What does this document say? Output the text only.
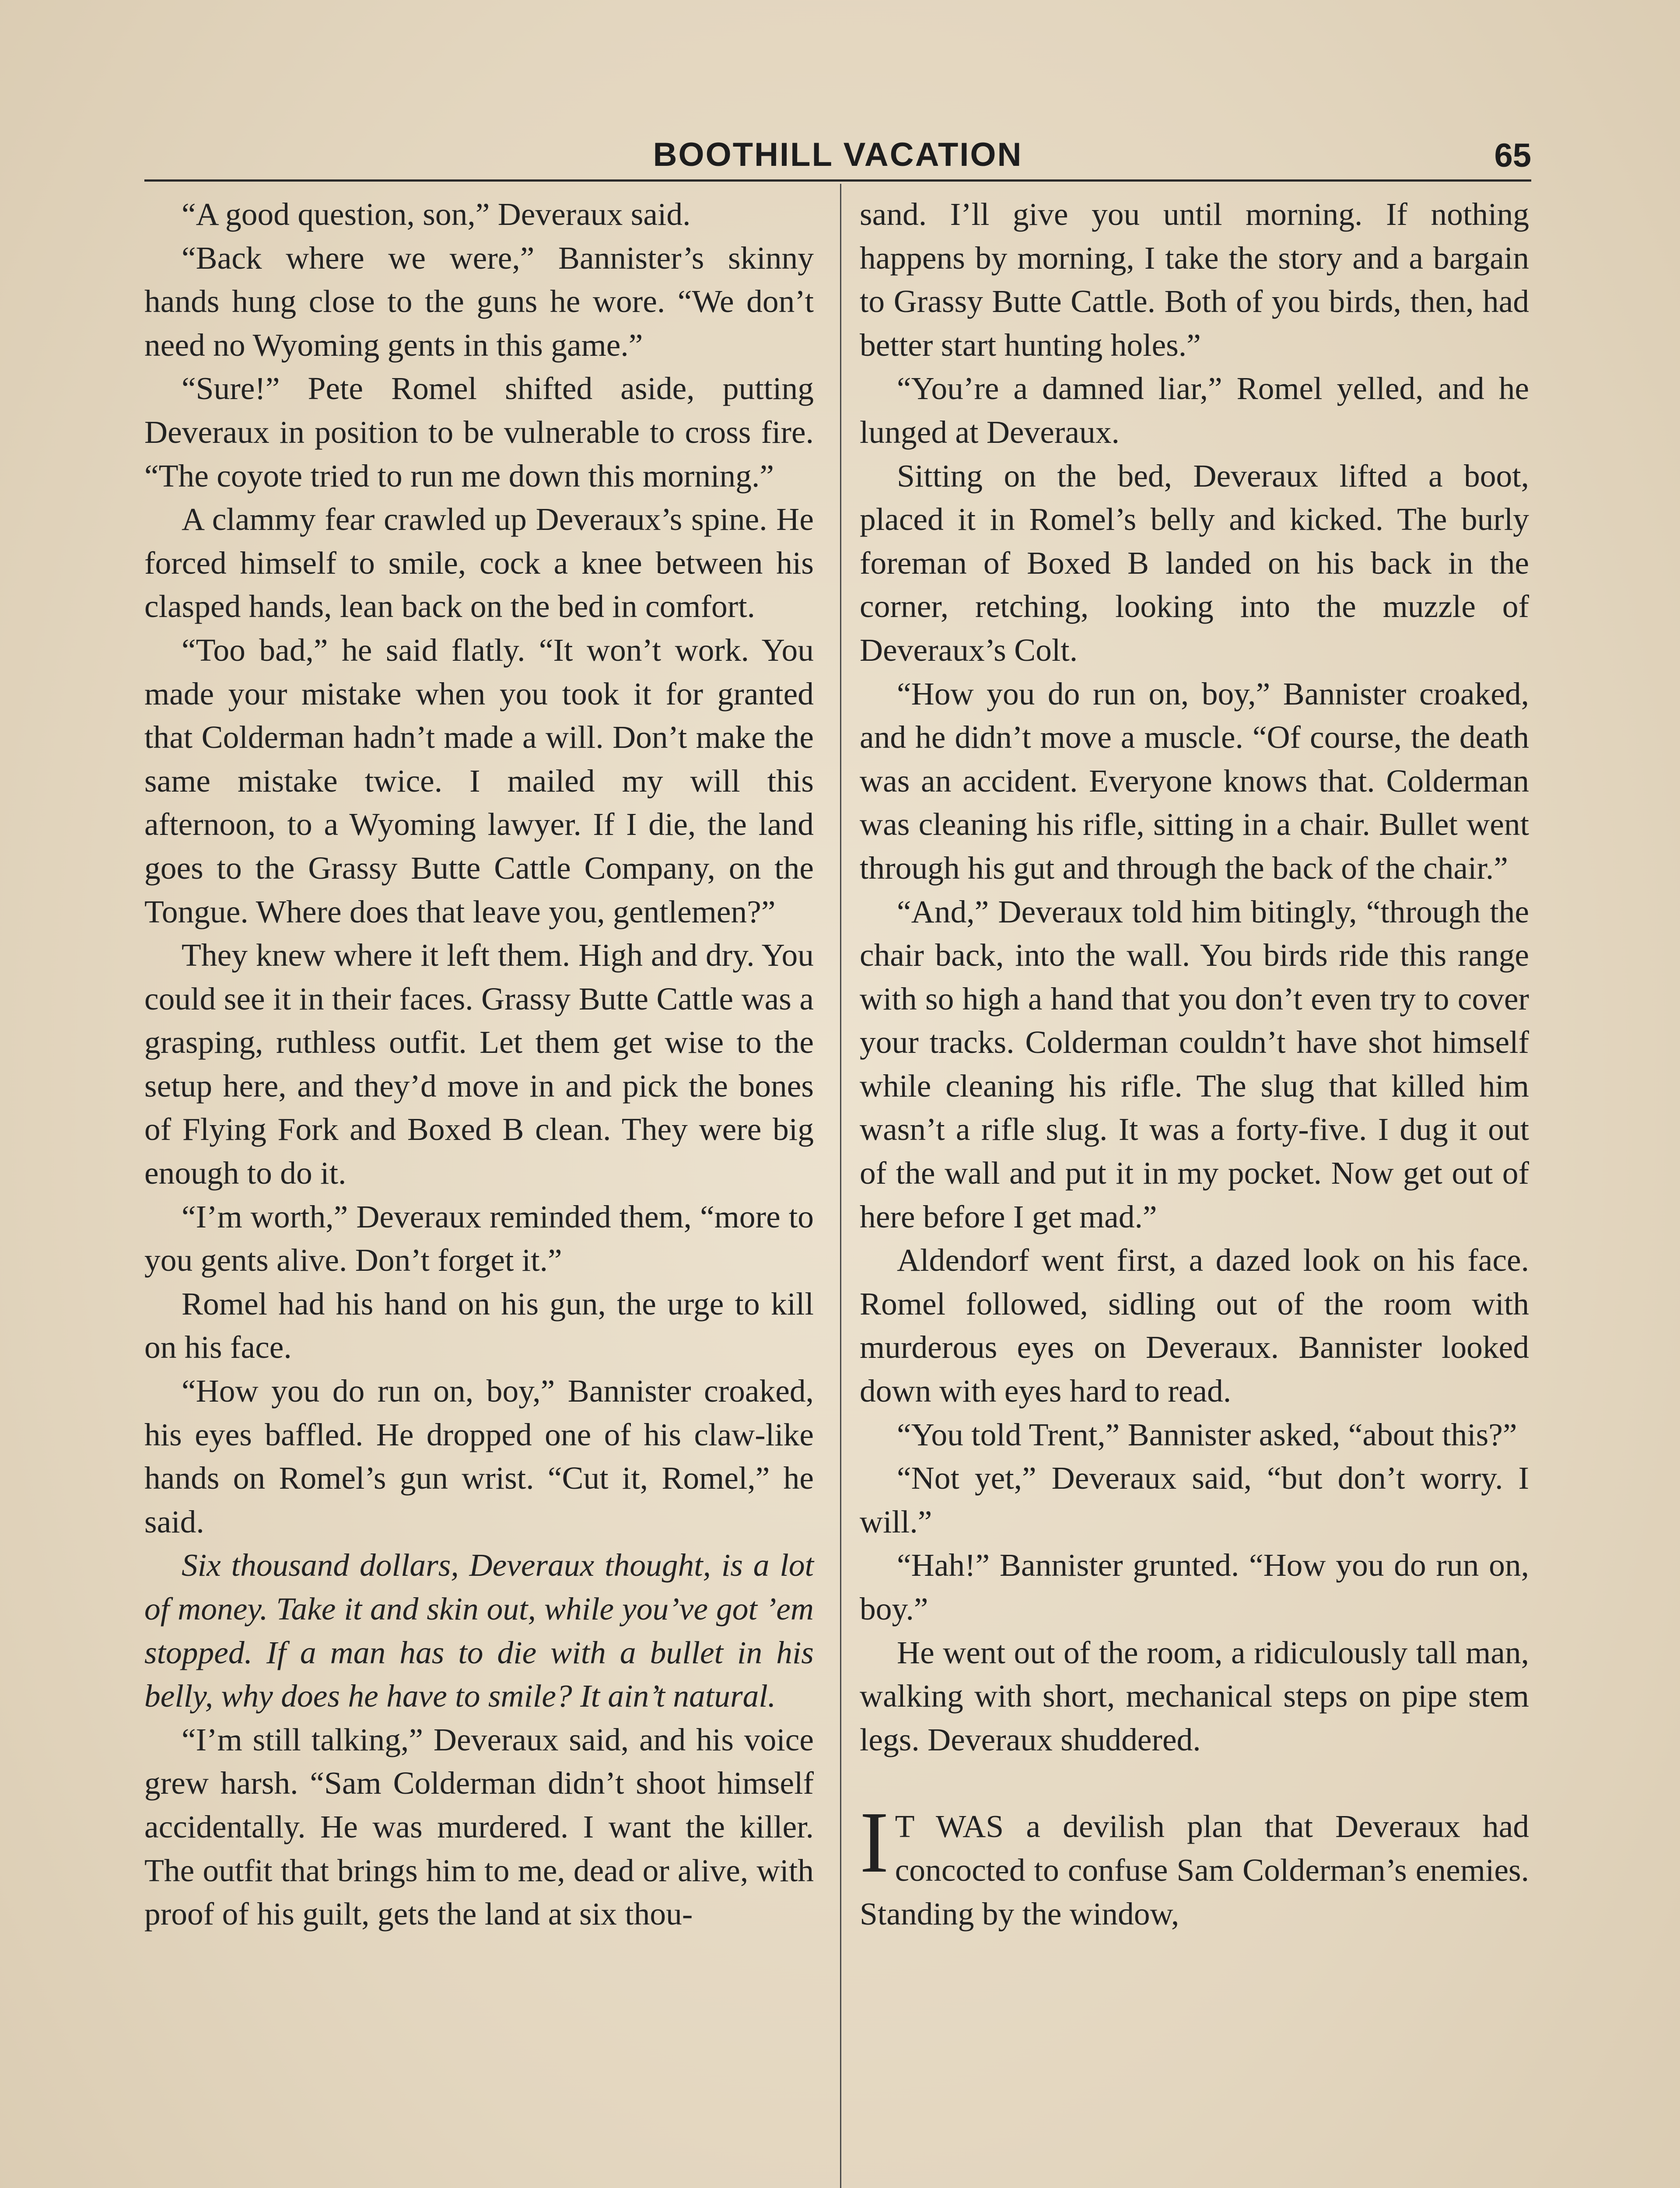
BOOTHILL VACATION	65

“A good question, son,” Deveraux said.

“Back where we were,” Bannister’s skinny hands hung close to the guns he wore. “We don’t need no Wyoming gents in this game.”

“Sure!” Pete Romel shifted aside, putting Deveraux in position to be vulnerable to cross fire. “The coyote tried to run me down this morning.”

A clammy fear crawled up Deveraux’s spine. He forced himself to smile, cock a knee between his clasped hands, lean back on the bed in comfort.

“Too bad,” he said flatly. “It won’t work. You made your mistake when you took it for granted that Colderman hadn’t made a will. Don’t make the same mistake twice. I mailed my will this afternoon, to a Wyoming lawyer. If I die, the land goes to the Grassy Butte Cattle Company, on the Tongue. Where does that leave you, gentlemen?”

They knew where it left them. High and dry. You could see it in their faces. Grassy Butte Cattle was a grasping, ruthless outfit. Let them get wise to the setup here, and they’d move in and pick the bones of Flying Fork and Boxed B clean. They were big enough to do it.

“I’m worth,” Deveraux reminded them, “more to you gents alive. Don’t forget it.”

Romel had his hand on his gun, the urge to kill on his face.

“How you do run on, boy,” Bannister croaked, his eyes baffled. He dropped one of his claw-like hands on Romel’s gun wrist. “Cut it, Romel,” he said.

Six thousand dollars, Deveraux thought, is a lot of money. Take it and skin out, while you’ve got ’em stopped. If a man has to die with a bullet in his belly, why does he have to smile? It ain’t natural.

“I’m still talking,” Deveraux said, and his voice grew harsh. “Sam Colderman didn’t shoot himself accidentally. He was murdered. I want the killer. The outfit that brings him to me, dead or alive, with proof of his guilt, gets the land at six thou-

sand. I’ll give you until morning. If nothing happens by morning, I take the story and a bargain to Grassy Butte Cattle. Both of you birds, then, had better start hunting holes.”

“You’re a damned liar,” Romel yelled, and he lunged at Deveraux.

Sitting on the bed, Deveraux lifted a boot, placed it in Romel’s belly and kicked. The burly foreman of Boxed B landed on his back in the corner, retching, looking into the muzzle of Deveraux’s Colt.

“How you do run on, boy,” Bannister croaked, and he didn’t move a muscle. “Of course, the death was an accident. Everyone knows that. Colderman was cleaning his rifle, sitting in a chair. Bullet went through his gut and through the back of the chair.”

“And,” Deveraux told him bitingly, “through the chair back, into the wall. You birds ride this range with so high a hand that you don’t even try to cover your tracks. Colderman couldn’t have shot himself while cleaning his rifle. The slug that killed him wasn’t a rifle slug. It was a forty-five. I dug it out of the wall and put it in my pocket. Now get out of here before I get mad.”

Aldendorf went first, a dazed look on his face. Romel followed, sidling out of the room with murderous eyes on Deveraux. Bannister looked down with eyes hard to read.

“You told Trent,” Bannister asked, “about this?”

“Not yet,” Deveraux said, “but don’t worry. I will.”

“Hah!” Bannister grunted. “How you do run on, boy.”

He went out of the room, a ridiculously tall man, walking with short, mechanical steps on pipe stem legs. Deveraux shuddered.

I T WAS a devilish plan that Deveraux had concocted to confuse Sam Colderman’s enemies. Standing by the window,
